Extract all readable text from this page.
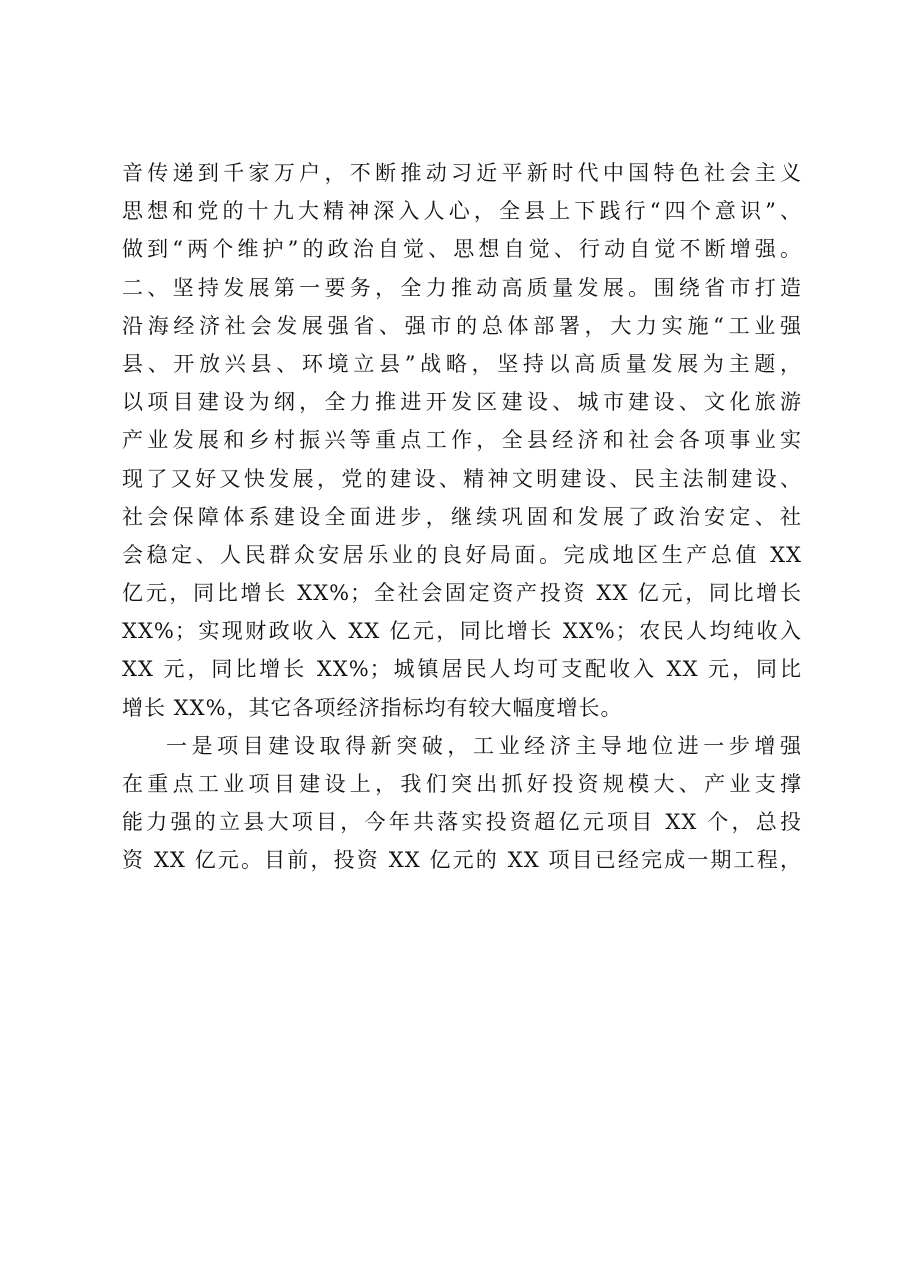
音传递到千家万户，不断推动习近平新时代中国特色社会主义
思想和党的十九大精神深入人心，全县上下践行“四个意识”、
做到“两个维护”的政治自觉、思想自觉、行动自觉不断增强。
二、坚持发展第一要务，全力推动高质量发展。围绕省市打造
沿海经济社会发展强省、强市的总体部署，大力实施“工业强
县、开放兴县、环境立县”战略，坚持以高质量发展为主题，
以项目建设为纲，全力推进开发区建设、城市建设、文化旅游
产业发展和乡村振兴等重点工作，全县经济和社会各项事业实
现了又好又快发展，党的建设、精神文明建设、民主法制建设、
社会保障体系建设全面进步，继续巩固和发展了政治安定、社
会稳定、人民群众安居乐业的良好局面。完成地区生产总值 XX
亿元，同比增长 XX%；全社会固定资产投资 XX 亿元，同比增长
XX%；实现财政收入 XX 亿元，同比增长 XX%；农民人均纯收入
XX 元，同比增长 XX%；城镇居民人均可支配收入 XX 元，同比
增长 XX%，其它各项经济指标均有较大幅度增长。
一是项目建设取得新突破，工业经济主导地位进一步增强
在重点工业项目建设上，我们突出抓好投资规模大、产业支撑
能力强的立县大项目，今年共落实投资超亿元项目 XX 个，总投
资 XX 亿元。目前，投资 XX 亿元的 XX 项目已经完成一期工程，
